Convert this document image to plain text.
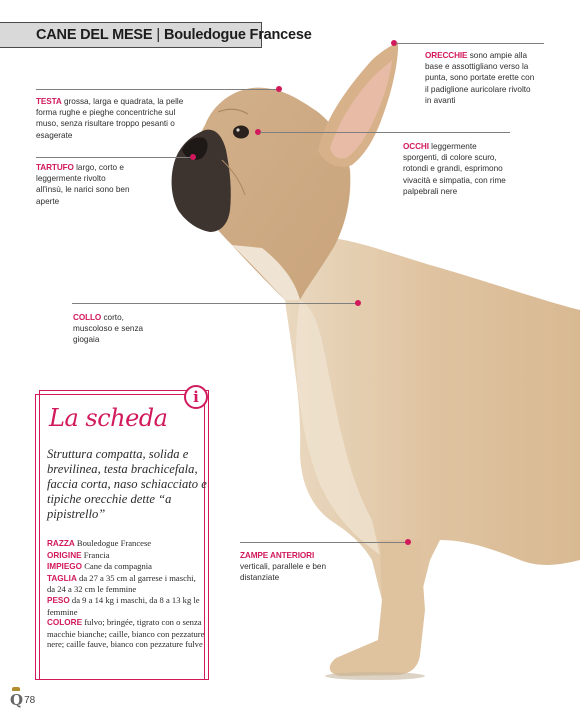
CANE DEL MESE | Bouledogue Francese
TESTA grossa, larga e quadrata, la pelle forma rughe e pieghe concentriche sul muso, senza risultare troppo pesanti o esagerate
TARTUFO largo, corto e leggermente rivolto all'insù, le narici sono ben aperte
ORECCHIE sono ampie alla base e assottigliano verso la punta, sono portate erette con il padiglione auricolare rivolto in avanti
OCCHI leggermente sporgenti, di colore scuro, rotondi e grandi, esprimono vivacità e simpatia, con rime palpebrali nere
COLLO corto, muscoloso e senza giogaia
ZAMPE ANTERIORI verticali, parallele e ben distanziate
La scheda
Struttura compatta, solida e brevilinea, testa brachicefala, faccia corta, naso schiacciato e tipiche orecchie dette “a pipistrello”
RAZZA Bouledogue Francese
ORIGINE Francia
IMPIEGO Cane da compagnia
TAGLIA da 27 a 35 cm al garrese i maschi, da 24 a 32 cm le femmine
PESO da 9 a 14 kg i maschi, da 8 a 13 kg le femmine
COLORE fulvo; bringée, tigrato con o senza macchie bianche; caille, bianco con pezzature nere; caille fauve, bianco con pezzature fulve
i
Q 78
